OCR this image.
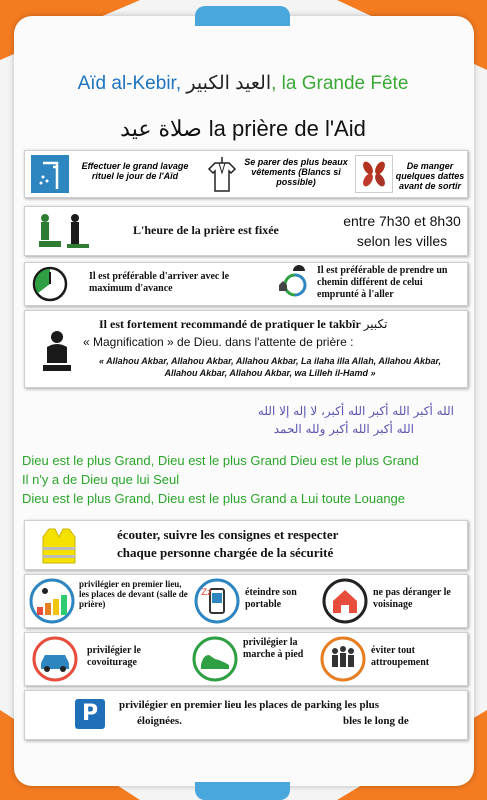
Aïd al-Kebir, العيد الكبير, la Grande Fête
صلاة عيد la prière de l'Aid
Effectuer le grand lavage rituel le jour de l'Aïd
Se parer des plus beaux vêtements (Blancs si possible)
De manger quelques dattes avant de sortir
L'heure de la prière est fixée
entre 7h30 et 8h30 selon les villes
Il est préférable d'arriver avec le maximum d'avance
Il est préférable de prendre un chemin différent de celui emprunté à l'aller
Il est fortement recommandé de pratiquer le takbîr تكبير
« Magnification » de Dieu. dans l'attente de prière :
« Allahou Akbar, Allahou Akbar, Allahou Akbar, La ilaha illa Allah, Allahou Akbar, Allahou Akbar, Allahou Akbar, wa Lilleh il-Hamd »
الله أكبر الله أكبر الله أكبر، لا إله إلا الله
الله أكبر الله أكبر ولله الحمد
Dieu est le plus Grand, Dieu est le plus Grand Dieu est le plus Grand
Il n'y a de Dieu que lui Seul
Dieu est le plus Grand, Dieu est le plus Grand a Lui toute Louange
écouter, suivre les consignes et respecter
chaque personne chargée de la sécurité
privilégier en premier lieu, les places de devant (salle de prière)
Zz	éteindre son portable
ne pas déranger le voisinage
privilégier le covoiturage
privilégier la marche à pied	éviter tout attroupement
P	privilégier en premier lieu les places de parking les plus
éloignées.	bles le long de
